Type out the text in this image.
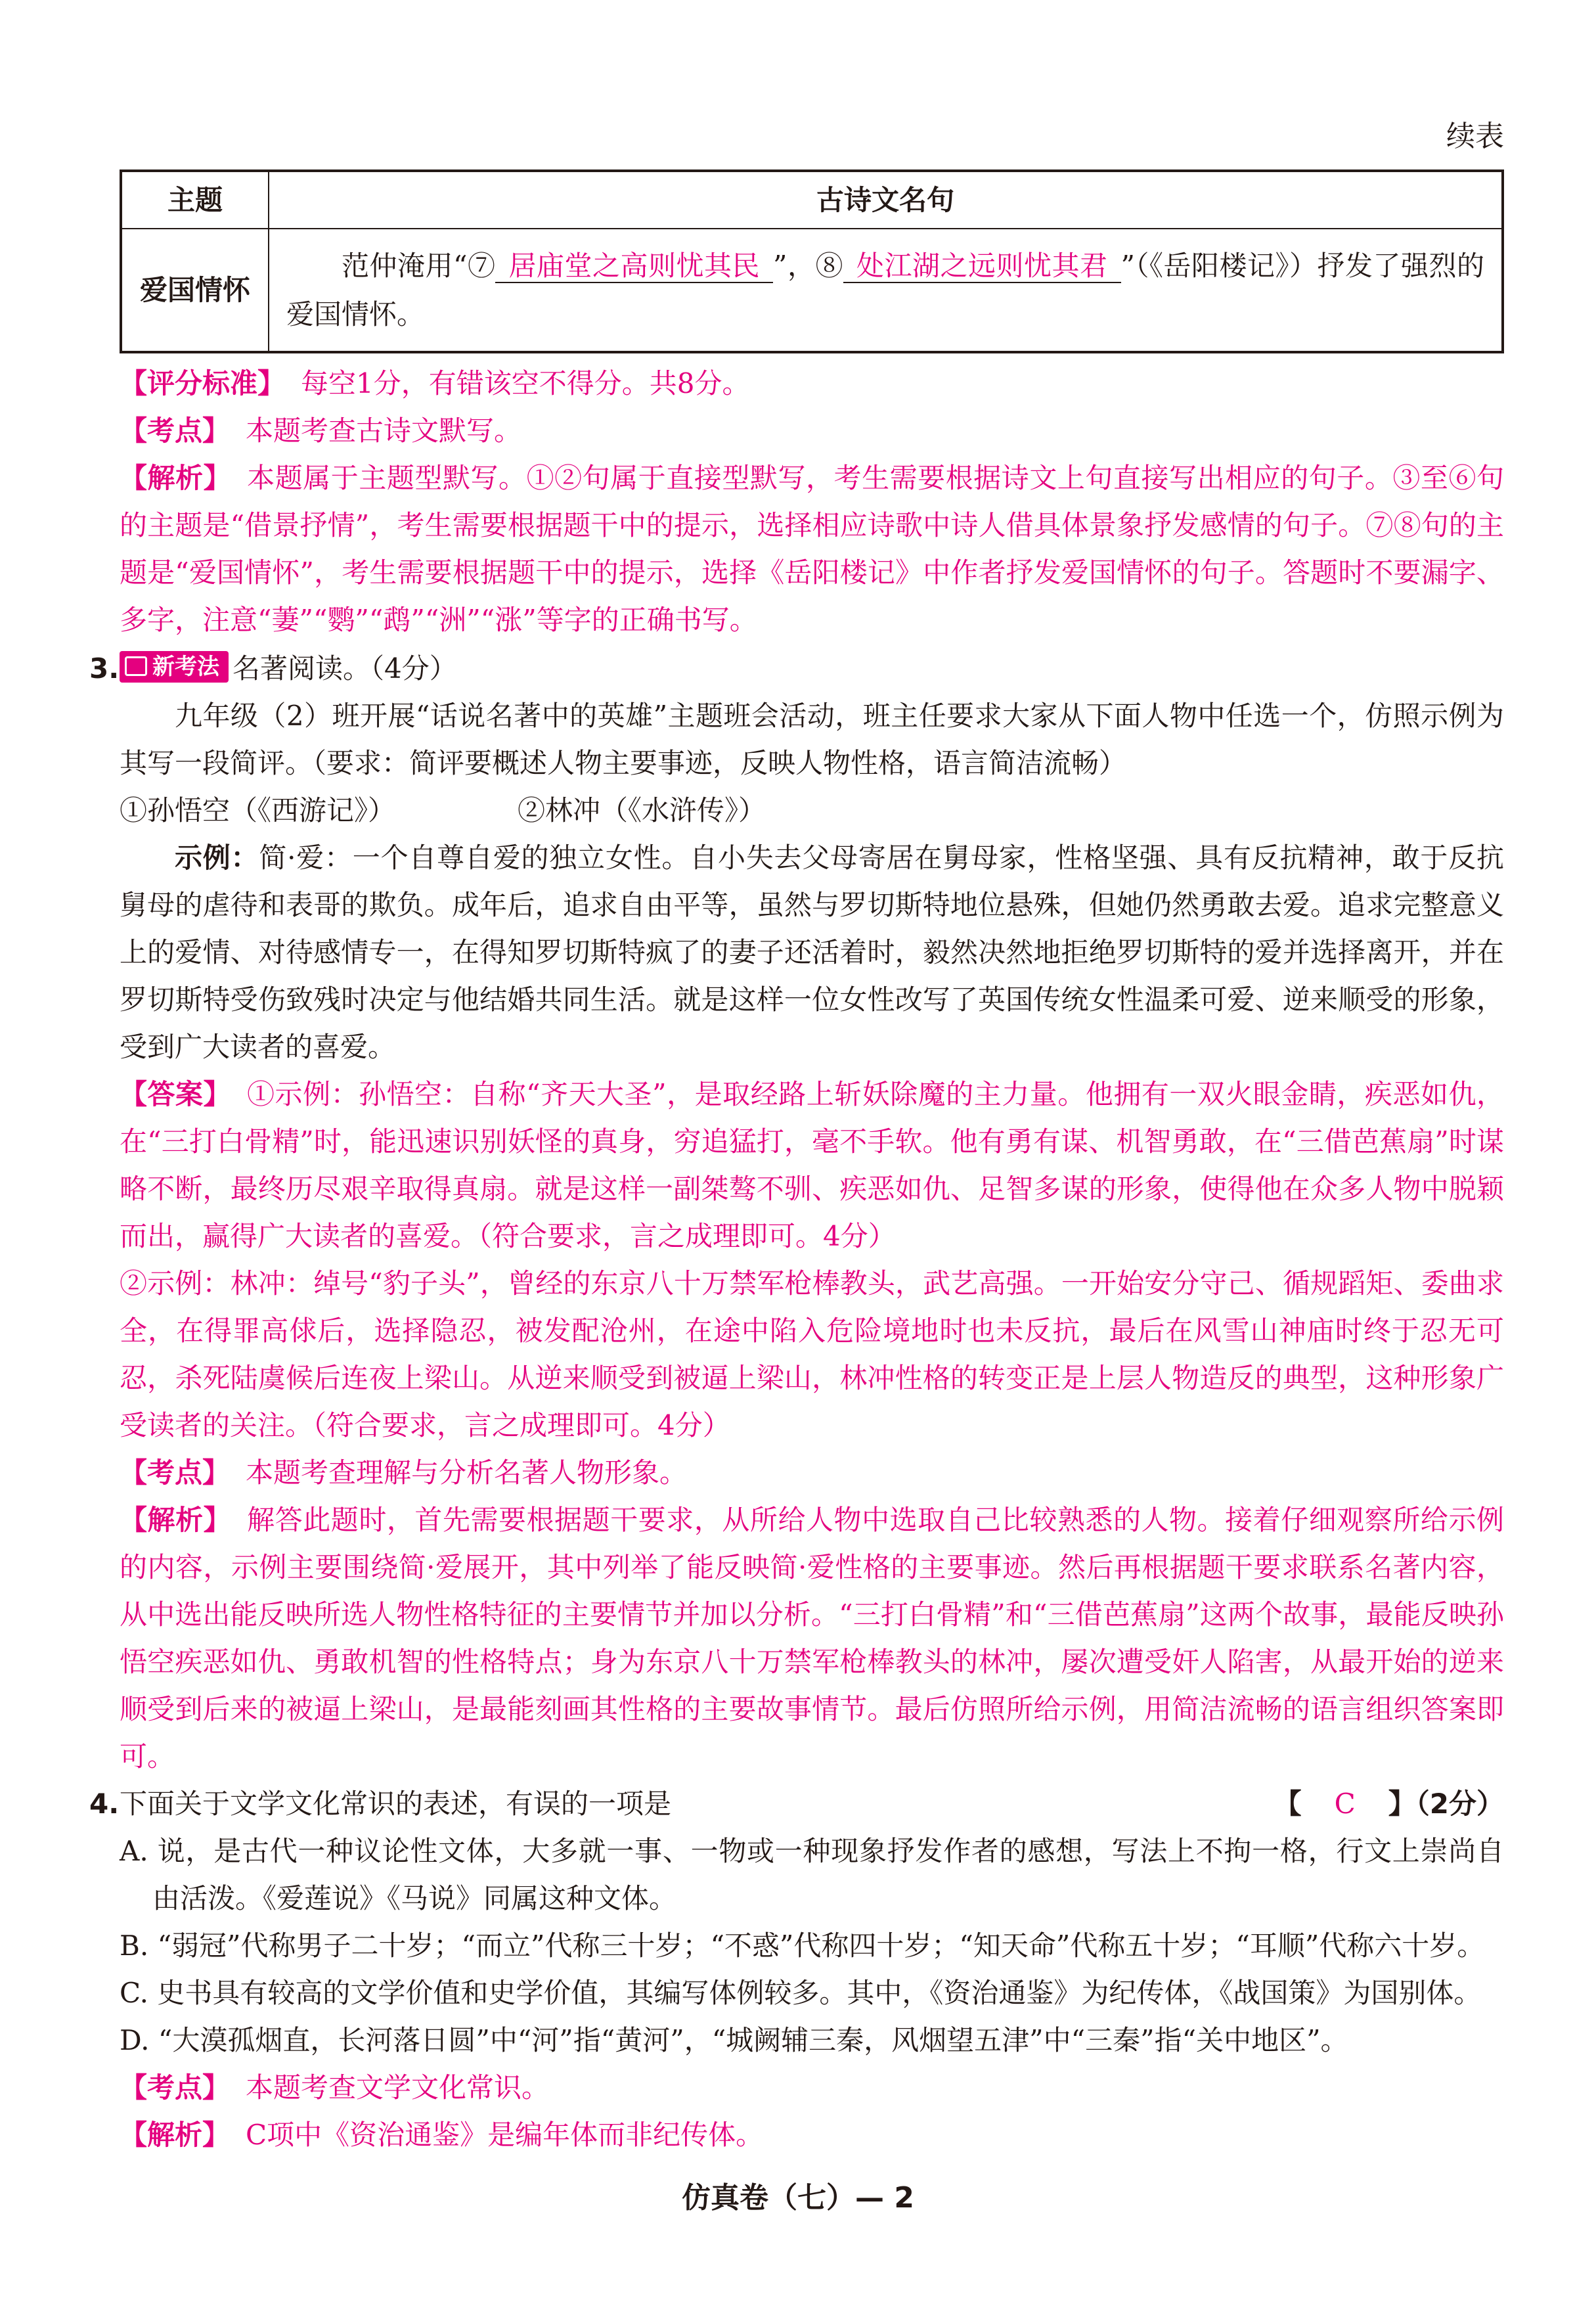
续表
主题	古诗文名句
爱国情怀	范仲淹用“⑦ 居庙堂之高则忧其民 ”，⑧ 处江湖之远则忧其君 ”（《岳阳楼记》）抒发了强烈的爱国情怀。

【评分标准】 每空1分，有错该空不得分。共8分。

【考点】 本题考查古诗文默写。

【解析】 本题属于主题型默写。①②句属于直接型默写，考生需要根据诗文上句直接写出相应的句子。③至⑥句的主题是“借景抒情”，考生需要根据题干中的提示，选择相应诗歌中诗人借具体景象抒发感情的句子。⑦⑧句的主题是“爱国情怀”，考生需要根据题干中的提示，选择《岳阳楼记》中作者抒发爱国情怀的句子。答题时不要漏字、多字，注意“萋”“鹦”“鹉”“洲”“涨”等字的正确书写。

3.	新考法 名著阅读。（4分）

九年级（2）班开展“话说名著中的英雄”主题班会活动，班主任要求大家从下面人物中任选一个，仿照示例为其写一段简评。（要求：简评要概述人物主要事迹，反映人物性格，语言简洁流畅）

①孙悟空（《西游记》）	②林冲（《水浒传》）

示例：简·爱：一个自尊自爱的独立女性。自小失去父母寄居在舅母家，性格坚强、具有反抗精神，敢于反抗舅母的虐待和表哥的欺负。成年后，追求自由平等，虽然与罗切斯特地位悬殊，但她仍然勇敢去爱。追求完整意义上的爱情、对待感情专一，在得知罗切斯特疯了的妻子还活着时，毅然决然地拒绝罗切斯特的爱并选择离开，并在罗切斯特受伤致残时决定与他结婚共同生活。就是这样一位女性改写了英国传统女性温柔可爱、逆来顺受的形象，受到广大读者的喜爱。

【答案】 ①示例：孙悟空：自称“齐天大圣”，是取经路上斩妖除魔的主力量。他拥有一双火眼金睛，疾恶如仇，在“三打白骨精”时，能迅速识别妖怪的真身，穷追猛打，毫不手软。他有勇有谋、机智勇敢，在“三借芭蕉扇”时谋略不断，最终历尽艰辛取得真扇。就是这样一副桀骜不驯、疾恶如仇、足智多谋的形象，使得他在众多人物中脱颖而出，赢得广大读者的喜爱。（符合要求，言之成理即可。4分）

②示例：林冲：绰号“豹子头”，曾经的东京八十万禁军枪棒教头，武艺高强。一开始安分守己、循规蹈矩、委曲求全，在得罪高俅后，选择隐忍，被发配沧州，在途中陷入危险境地时也未反抗，最后在风雪山神庙时终于忍无可忍，杀死陆虞候后连夜上梁山。从逆来顺受到被逼上梁山，林冲性格的转变正是上层人物造反的典型，这种形象广受读者的关注。（符合要求，言之成理即可。4分）

【考点】 本题考查理解与分析名著人物形象。

【解析】 解答此题时，首先需要根据题干要求，从所给人物中选取自己比较熟悉的人物。接着仔细观察所给示例的内容，示例主要围绕简·爱展开，其中列举了能反映简·爱性格的主要事迹。然后再根据题干要求联系名著内容，从中选出能反映所选人物性格特征的主要情节并加以分析。“三打白骨精”和“三借芭蕉扇”这两个故事，最能反映孙悟空疾恶如仇、勇敢机智的性格特点；身为东京八十万禁军枪棒教头的林冲，屡次遭受奸人陷害，从最开始的逆来顺受到后来的被逼上梁山，是最能刻画其性格的主要故事情节。最后仿照所给示例，用简洁流畅的语言组织答案即可。

4.	【 C 】（2分）
下面关于文学文化常识的表述，有误的一项是

A. 说，是古代一种议论性文体，大多就一事、一物或一种现象抒发作者的感想，写法上不拘一格，行文上崇尚自由活泼。《爱莲说》《马说》同属这种文体。

B. “弱冠”代称男子二十岁；“而立”代称三十岁；“不惑”代称四十岁；“知天命”代称五十岁；“耳顺”代称六十岁。

C. 史书具有较高的文学价值和史学价值，其编写体例较多。其中，《资治通鉴》为纪传体，《战国策》为国别体。

D. “大漠孤烟直，长河落日圆”中“河”指“黄河”，“城阙辅三秦，风烟望五津”中“三秦”指“关中地区”。

【考点】 本题考查文学文化常识。

【解析】 C项中《资治通鉴》是编年体而非纪传体。

仿真卷（七）— 2
